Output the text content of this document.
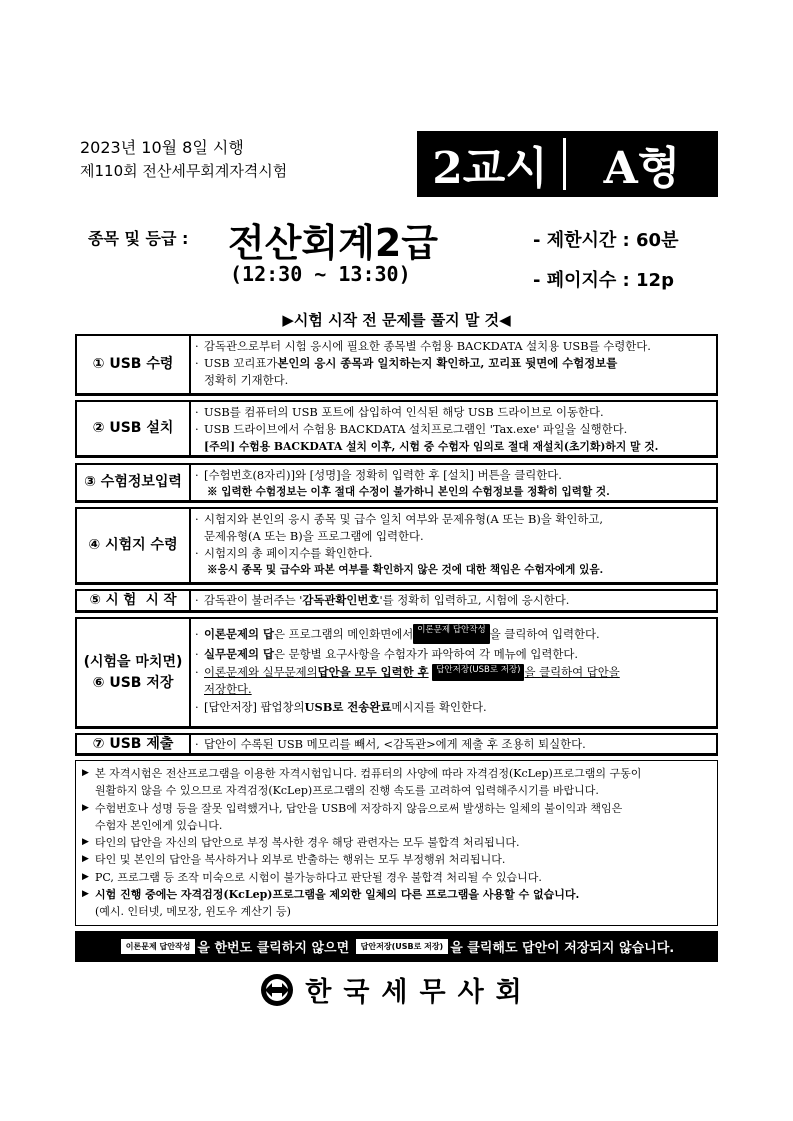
2023년 10월 8일 시행
제110회 전산세무회계자격시험	2교시	A형
종목 및 등급 : 전산회계2급
(12:30 ~ 13:30)
- 제한시간 : 60분
- 페이지수 : 12p
▶시험 시작 전 문제를 풀지 말 것◀
① USB 수령
· 감독관으로부터 시험 응시에 필요한 종목별 수험용 BACKDATA 설치용 USB를 수령한다.
· USB 꼬리표가 본인의 응시 종목과 일치하는지 확인하고, 꼬리표 뒷면에 수험정보를
정확히 기재한다.
② USB 설치
· USB를 컴퓨터의 USB 포트에 삽입하여 인식된 해당 USB 드라이브로 이동한다.
· USB 드라이브에서 수험용 BACKDATA 설치프로그램인 'Tax.exe' 파일을 실행한다.
[주의] 수험용 BACKDATA 설치 이후, 시험 중 수험자 임의로 절대 재설치(초기화)하지 말 것.
③ 수험정보입력	· [수험번호(8자리)]와 [성명]을 정확히 입력한 후 [설치] 버튼을 클릭한다.
※ 입력한 수험정보는 이후 절대 수정이 불가하니 본인의 수험정보를 정확히 입력할 것.
④ 시험지 수령
· 시험지와 본인의 응시 종목 및 급수 일치 여부와 문제유형(A 또는 B)을 확인하고,
문제유형(A 또는 B)을 프로그램에 입력한다.
· 시험지의 총 페이지수를 확인한다.
※응시 종목 및 급수와 파본 여부를 확인하지 않은 것에 대한 책임은 수험자에게 있음.
⑤ 시 험  시 작	· 감독관이 불러주는 ' 감독관확인번호 '를 정확히 입력하고, 시험에 응시한다.
(시험을 마치면)
⑥ USB 저장
· 이론문제의 답 은 프로그램의 메인화면에서 이론문제 답안작성 을 클릭하여 입력한다.
· 실무문제의 답 은 문항별 요구사항을 수험자가 파악하여 각 메뉴에 입력한다.
· 이론문제와 실무문제의 답안을 모두 입력한 후
답안저장(USB로 저장) 을 클릭하여 답안을
저장한다.
· [답안저장] 팝업창의 USB로 전송완료 메시지를 확인한다.
⑦ USB 제출	· 답안이 수록된 USB 메모리를 빼서, <감독관>에게 제출 후 조용히 퇴실한다.
▶ 본 자격시험은 전산프로그램을 이용한 자격시험입니다. 컴퓨터의 사양에 따라 자격검정(KcLep)프로그램의 구동이
원활하지 않을 수 있으므로 자격검정(KcLep)프로그램의 진행 속도를 고려하여 입력해주시기를 바랍니다.
▶ 수험번호나 성명 등을 잘못 입력했거나, 답안을 USB에 저장하지 않음으로써 발생하는 일체의 불이익과 책임은
수험자 본인에게 있습니다.
▶ 타인의 답안을 자신의 답안으로 부정 복사한 경우 해당 관련자는 모두 불합격 처리됩니다.
▶ 타인 및 본인의 답안을 복사하거나 외부로 반출하는 행위는 모두 부정행위 처리됩니다.
▶ PC, 프로그램 등 조작 미숙으로 시험이 불가능하다고 판단될 경우 불합격 처리될 수 있습니다.
▶ 시험 진행 중에는 자격검정(KcLep)프로그램을 제외한 일체의 다른 프로그램을 사용할 수 없습니다.
(예시. 인터넷, 메모장, 윈도우 계산기 등)
이론문제 답안작성 을 한번도 클릭하지 않으면
	답안저장(USB로 저장) 을 클릭해도 답안이 저장되지 않습니다.
한국세무사회
